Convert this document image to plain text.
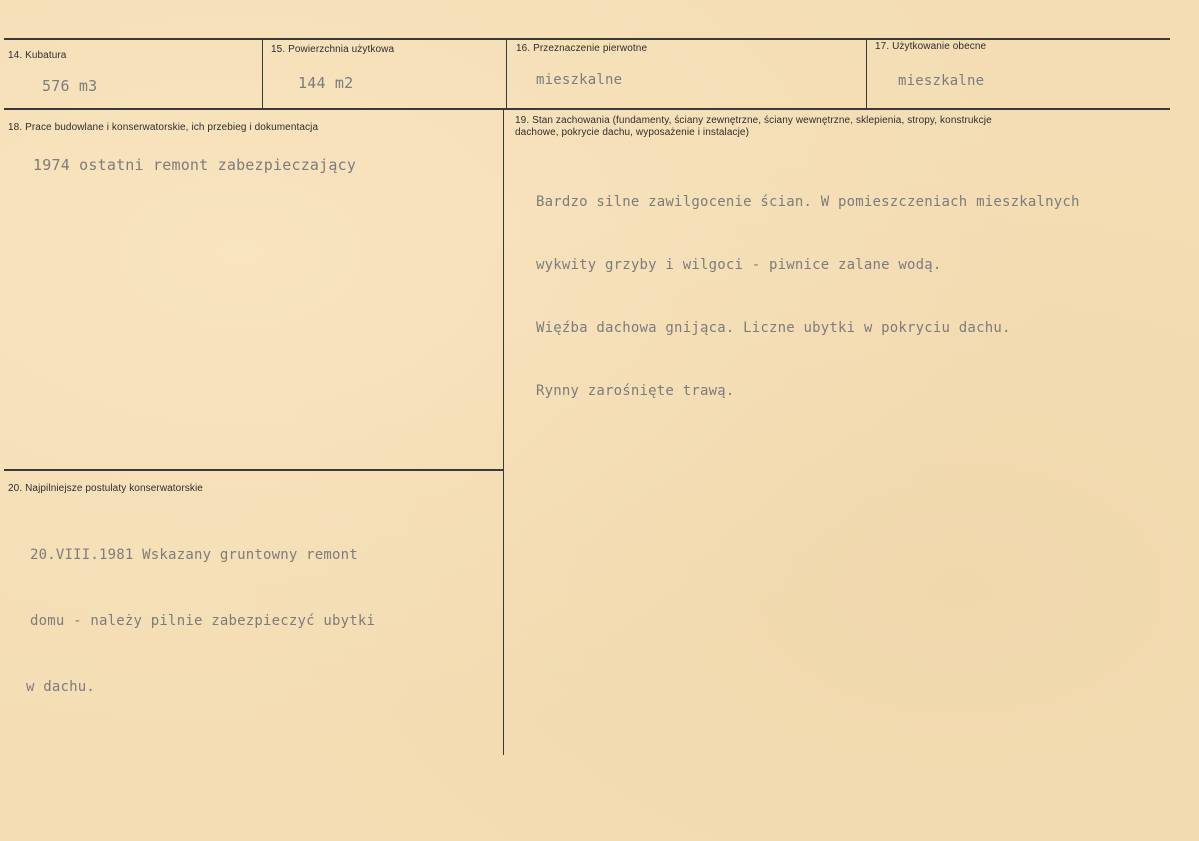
14. Kubatura
576 m3
15. Powierzchnia użytkowa
144 m2
16. Przeznaczenie pierwotne
mieszkalne
17. Użytkowanie obecne
mieszkalne
18. Prace budowlane i konserwatorskie, ich przebieg i dokumentacja
1974 ostatni remont zabezpieczający
19. Stan zachowania (fundamenty, ściany zewnętrzne, ściany wewnętrzne, sklepienia, stropy, konstrukcje dachowe, pokrycie dachu, wyposażenie i instalacje)

Bardzo silne zawilgocenie ścian. W pomieszczeniach mieszkalnych

wykwity grzyby i wilgoci - piwnice zalane wodą.

Więźba dachowa gnijąca. Liczne ubytki w pokryciu dachu.

Rynny zarośnięte trawą.

20. Najpilniejsze postulaty konserwatorskie

20.VIII.1981 Wskazany gruntowny remont

domu - należy pilnie zabezpieczyć ubytki

w dachu.
